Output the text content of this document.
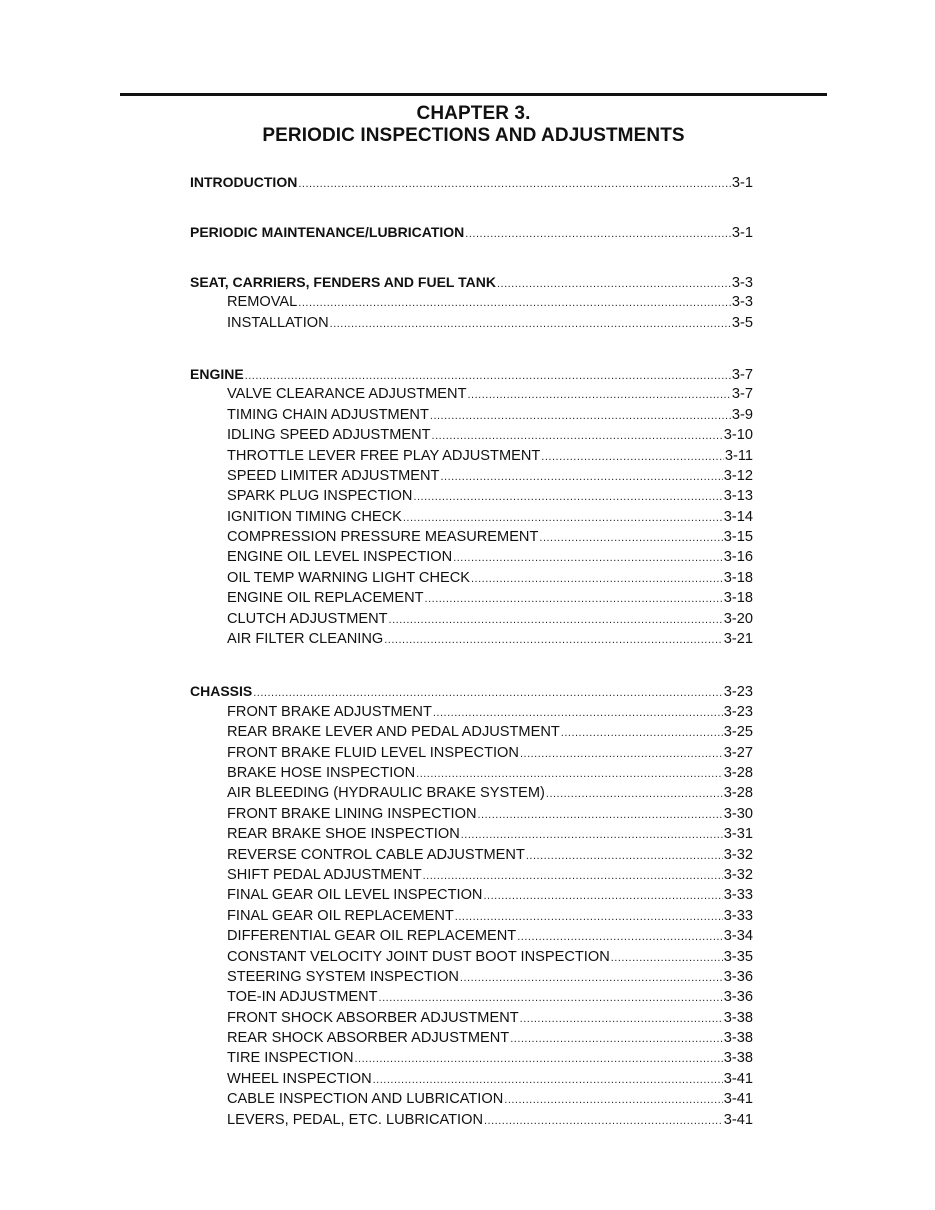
CHAPTER 3.
PERIODIC INSPECTIONS AND ADJUSTMENTS
INTRODUCTION .....	3-1
PERIODIC MAINTENANCE/LUBRICATION .....	3-1
SEAT, CARRIERS, FENDERS AND FUEL TANK .....	3-3
REMOVAL .....	3-3
INSTALLATION .....	3-5
ENGINE .....	3-7
VALVE CLEARANCE ADJUSTMENT .....	3-7
TIMING CHAIN ADJUSTMENT .....	3-9
IDLING SPEED ADJUSTMENT .....	3-10
THROTTLE LEVER FREE PLAY ADJUSTMENT .....	3-11
SPEED LIMITER ADJUSTMENT .....	3-12
SPARK PLUG INSPECTION .....	3-13
IGNITION TIMING CHECK .....	3-14
COMPRESSION PRESSURE MEASUREMENT .....	3-15
ENGINE OIL LEVEL INSPECTION .....	3-16
OIL TEMP WARNING LIGHT CHECK .....	3-18
ENGINE OIL REPLACEMENT .....	3-18
CLUTCH ADJUSTMENT .....	3-20
AIR FILTER CLEANING .....	3-21
CHASSIS .....	3-23
FRONT BRAKE ADJUSTMENT .....	3-23
REAR BRAKE LEVER AND PEDAL ADJUSTMENT .....	3-25
FRONT BRAKE FLUID LEVEL INSPECTION .....	3-27
BRAKE HOSE INSPECTION .....	3-28
AIR BLEEDING (HYDRAULIC BRAKE SYSTEM) .....	3-28
FRONT BRAKE LINING INSPECTION .....	3-30
REAR BRAKE SHOE INSPECTION .....	3-31
REVERSE CONTROL CABLE ADJUSTMENT .....	3-32
SHIFT PEDAL ADJUSTMENT .....	3-32
FINAL GEAR OIL LEVEL INSPECTION .....	3-33
FINAL GEAR OIL REPLACEMENT .....	3-33
DIFFERENTIAL GEAR OIL REPLACEMENT .....	3-34
CONSTANT VELOCITY JOINT DUST BOOT INSPECTION .....	3-35
STEERING SYSTEM INSPECTION .....	3-36
TOE-IN ADJUSTMENT .....	3-36
FRONT SHOCK ABSORBER ADJUSTMENT .....	3-38
REAR SHOCK ABSORBER ADJUSTMENT .....	3-38
TIRE INSPECTION .....	3-38
WHEEL INSPECTION .....	3-41
CABLE INSPECTION AND LUBRICATION .....	3-41
LEVERS, PEDAL, ETC. LUBRICATION .....	3-41
